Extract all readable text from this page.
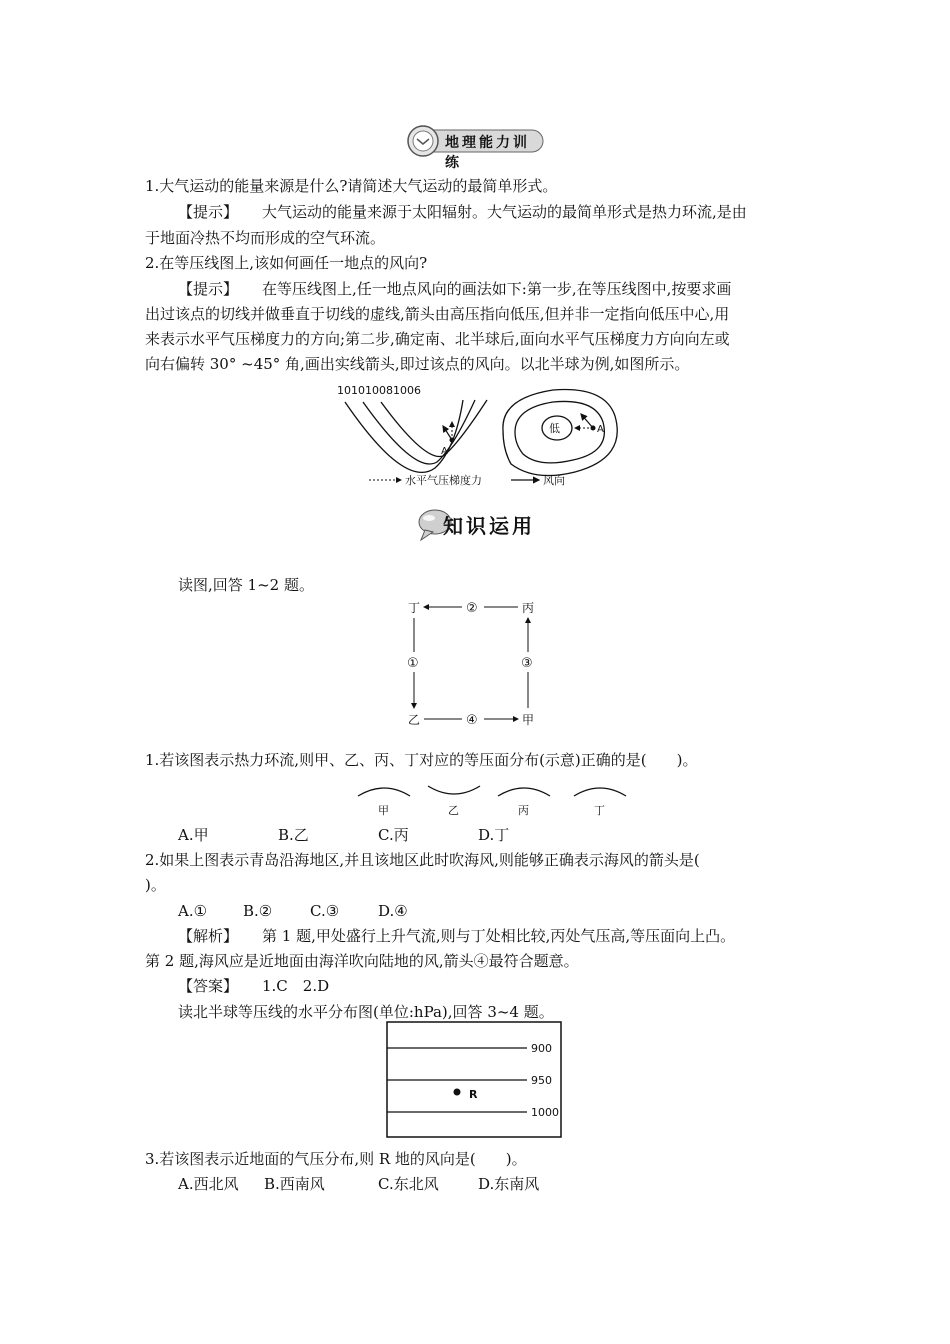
地理能力训练
1.大气运动的能量来源是什么?请简述大气运动的最简单形式。
【提示】 大气运动的能量来源于太阳辐射。大气运动的最简单形式是热力环流,是由
于地面冷热不均而形成的空气环流。
2.在等压线图上,该如何画任一地点的风向?
【提示】 在等压线图上,任一地点风向的画法如下:第一步,在等压线图中,按要求画
出过该点的切线并做垂直于切线的虚线,箭头由高压指向低压,但并非一定指向低压中心,用
来表示水平气压梯度力的方向;第二步,确定南、北半球后,面向水平气压梯度力方向向左或
向右偏转 30° ~45° 角,画出实线箭头,即过该点的风向。以北半球为例,如图所示。
1010 1008 1006
A
低	A
水平气压梯度力	风向
知识运用
读图,回答 1~2 题。
丁	丙
乙	甲
②
①
④
③
1.若该图表示热力环流,则甲、乙、丙、丁对应的等压面分布(示意)正确的是(　　)。
甲	乙	丙	丁
A.甲	B.乙	C.丙	D.丁
2.如果上图表示青岛沿海地区,并且该地区此时吹海风,则能够正确表示海风的箭头是(
)。
A.① B.②	C.③	D.④
【解析】 第 1 题,甲处盛行上升气流,则与丁处相比较,丙处气压高,等压面向上凸。
第 2 题,海风应是近地面由海洋吹向陆地的风,箭头④最符合题意。
【答案】 1.C　2.D
读北半球等压线的水平分布图(单位:hPa),回答 3~4 题。
900
950
1000
R
3.若该图表示近地面的气压分布,则 R 地的风向是(　　)。
A.西北风 B.西南风	C.东北风	D.东南风
